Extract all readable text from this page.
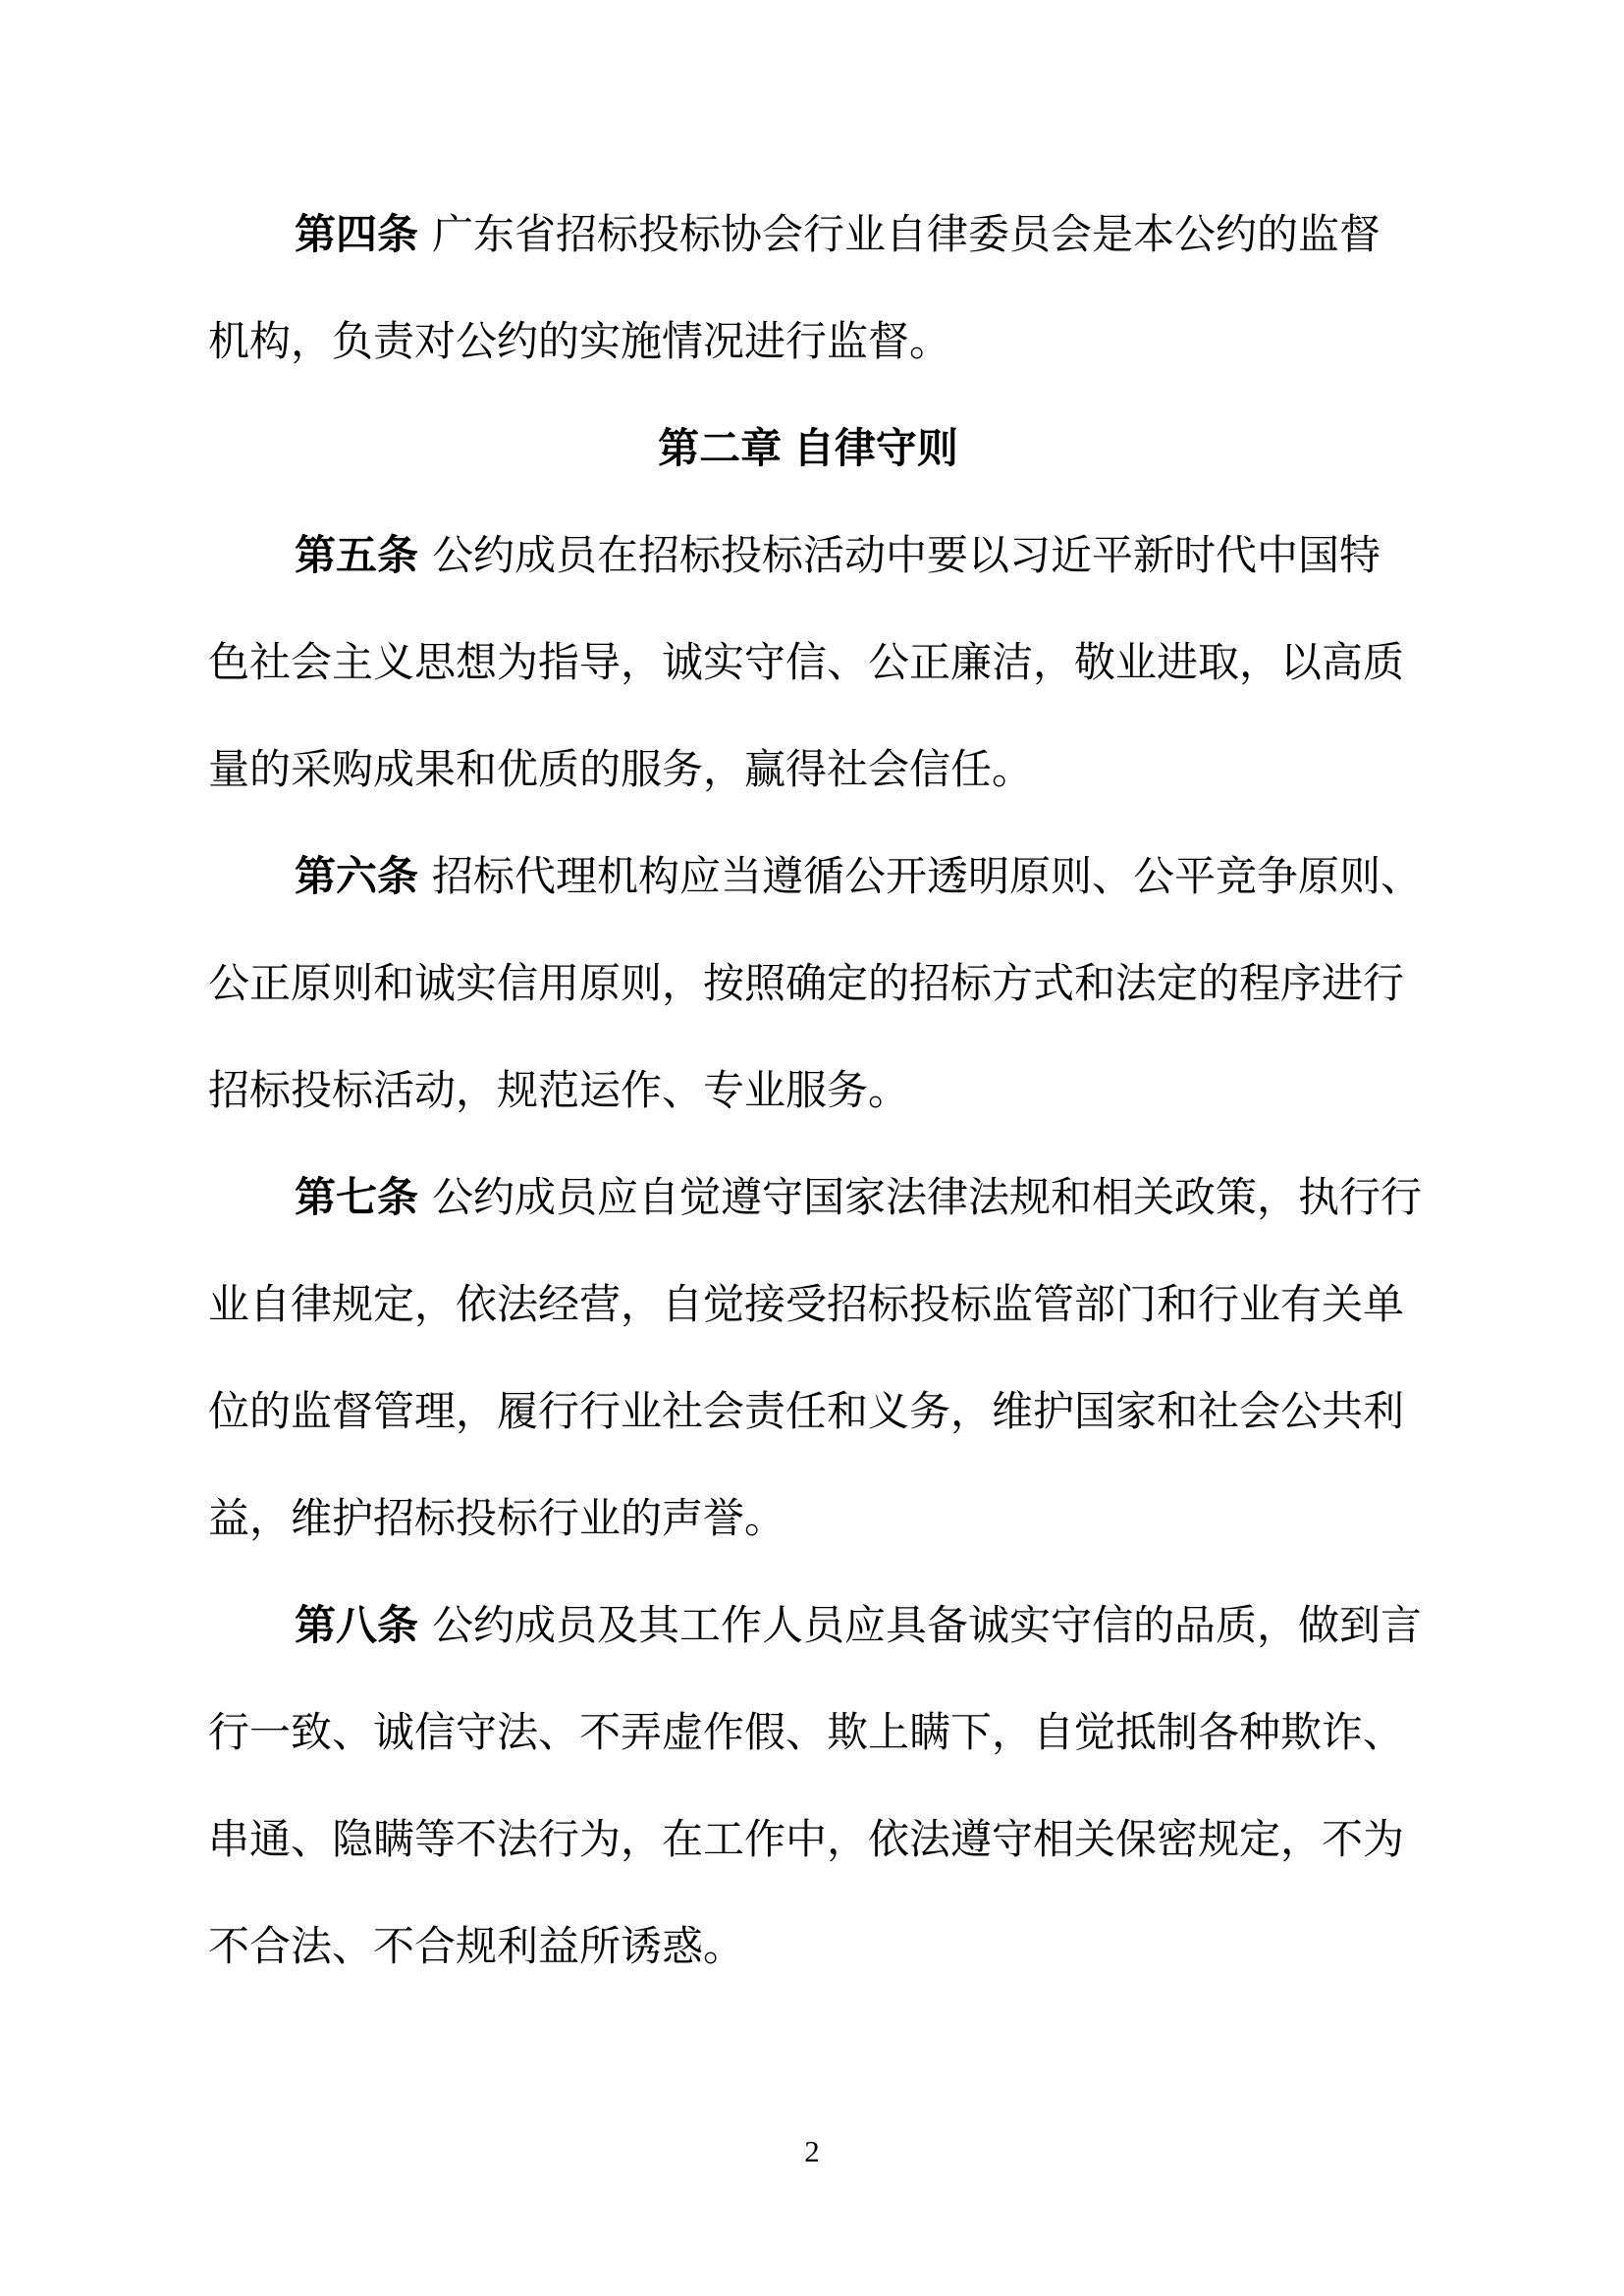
第四条 广东省招标投标协会行业自律委员会是本公约的监督
机构，负责对公约的实施情况进行监督。
第二章 自律守则
第五条 公约成员在招标投标活动中要以习近平新时代中国特
色社会主义思想为指导，诚实守信、公正廉洁，敬业进取，以高质
量的采购成果和优质的服务，赢得社会信任。
第六条 招标代理机构应当遵循公开透明原则、公平竞争原则、
公正原则和诚实信用原则，按照确定的招标方式和法定的程序进行
招标投标活动，规范运作、专业服务。
第七条 公约成员应自觉遵守国家法律法规和相关政策，执行行
业自律规定，依法经营，自觉接受招标投标监管部门和行业有关单
位的监督管理，履行行业社会责任和义务，维护国家和社会公共利
益，维护招标投标行业的声誉。
第八条 公约成员及其工作人员应具备诚实守信的品质，做到言
行一致、诚信守法、不弄虚作假、欺上瞒下，自觉抵制各种欺诈、
串通、隐瞒等不法行为，在工作中，依法遵守相关保密规定，不为
不合法、不合规利益所诱惑。
2
